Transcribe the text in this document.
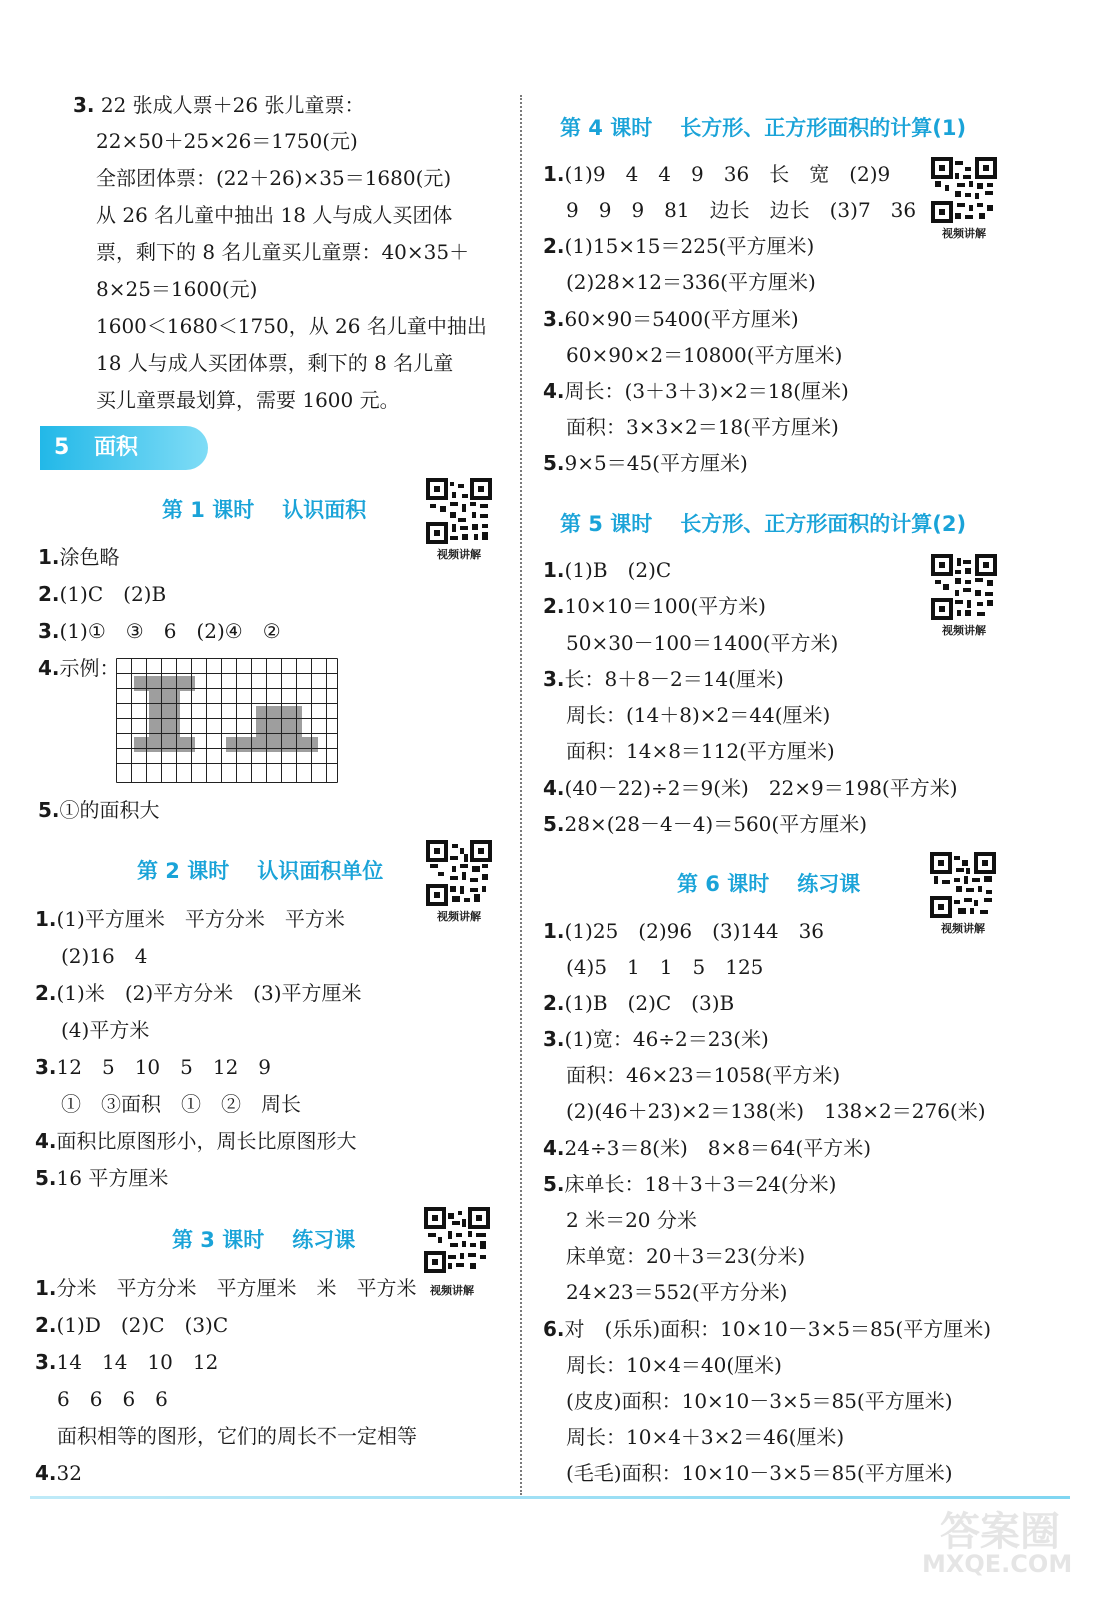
3. 22 张成人票＋26 张儿童票：
22×50＋25×26＝1750(元)
全部团体票：(22＋26)×35＝1680(元)
从 26 名儿童中抽出 18 人与成人买团体
票，剩下的 8 名儿童买儿童票：40×35＋
8×25＝1600(元)
1600＜1680＜1750，从 26 名儿童中抽出
18 人与成人买团体票，剩下的 8 名儿童
买儿童票最划算，需要 1600 元。
5 面积
第 1 课时 认识面积
视频讲解
1.涂色略
2.(1)C　(2)B
3.(1)①　③　6　(2)④　②
4.示例：
5.①的面积大
第 2 课时 认识面积单位
视频讲解
1.(1)平方厘米　平方分米　平方米
(2)16　4
2.(1)米　(2)平方分米　(3)平方厘米
(4)平方米
3.12　5　10　5　12　9
①　③面积　①　②　周长
4.面积比原图形小，周长比原图形大
5.16 平方厘米
第 3 课时 练习课
1.分米　平方分米　平方厘米　米　平方米 视频讲解
2.(1)D　(2)C　(3)C
3.14　14　10　12
6　6　6　6
面积相等的图形，它们的周长不一定相等
4.32
第 4 课时 长方形、正方形面积的计算(1)
视频讲解
1.(1)9　4　4　9　36　长　宽　(2)9
9　9　9　81　边长　边长　(3)7　36
2.(1)15×15＝225(平方厘米)
(2)28×12＝336(平方厘米)
3.60×90＝5400(平方厘米)
60×90×2＝10800(平方厘米)
4.周长：(3＋3＋3)×2＝18(厘米)
面积：3×3×2＝18(平方厘米)
5.9×5＝45(平方厘米)
第 5 课时 长方形、正方形面积的计算(2)
视频讲解
1.(1)B　(2)C
2.10×10＝100(平方米)
50×30－100＝1400(平方米)
3.长：8＋8－2＝14(厘米)
周长：(14＋8)×2＝44(厘米)
面积：14×8＝112(平方厘米)
4.(40－22)÷2＝9(米)　22×9＝198(平方米)
5.28×(28－4－4)＝560(平方厘米)
第 6 课时 练习课
视频讲解
1.(1)25　(2)96　(3)144　36
(4)5　1　1　5　125
2.(1)B　(2)C　(3)B
3.(1)宽：46÷2＝23(米)
面积：46×23＝1058(平方米)
(2)(46＋23)×2＝138(米)　138×2＝276(米)
4.24÷3＝8(米)　8×8＝64(平方米)
5.床单长：18＋3＋3＝24(分米)
2 米＝20 分米
床单宽：20＋3＝23(分米)
24×23＝552(平方分米)
6.对　(乐乐)面积：10×10－3×5＝85(平方厘米)
周长：10×4＝40(厘米)
(皮皮)面积：10×10－3×5＝85(平方厘米)
周长：10×4＋3×2＝46(厘米)
(毛毛)面积：10×10－3×5＝85(平方厘米)
答案圈
MXQE.COM
